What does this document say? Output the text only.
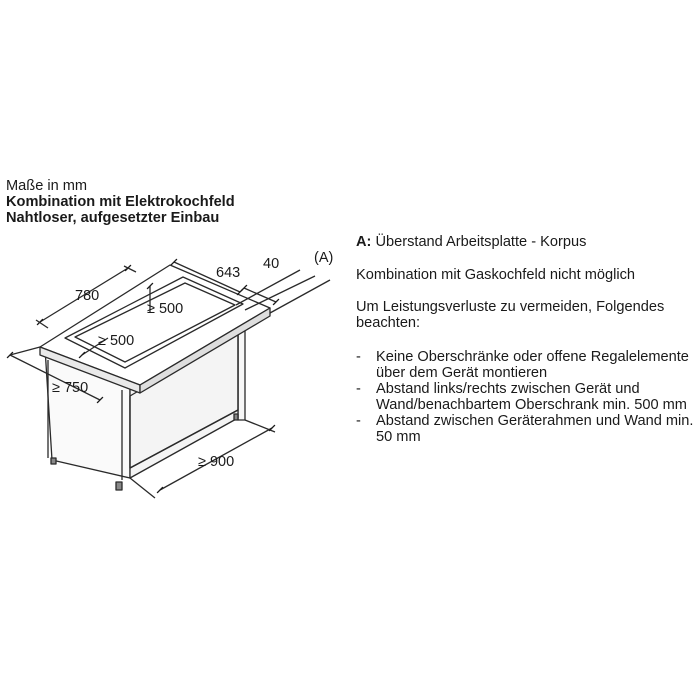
Maße in mm
Kombination mit Elektrokochfeld
Nahtloser, aufgesetzter Einbau
780
643
40 (A)
≥ 500
≥ 500
≥ 750
≥ 900

A: Überstand Arbeitsplatte - Korpus

Kombination mit Gaskochfeld nicht möglich

Um Leistungsverluste zu vermeiden, Folgendes beachten:

- Keine Oberschränke oder offene Regalelemente über dem Gerät montieren
- Abstand links/rechts zwischen Gerät und Wand/benachbartem Oberschrank min. 500 mm
- Abstand zwischen Geräterahmen und Wand min. 50 mm
